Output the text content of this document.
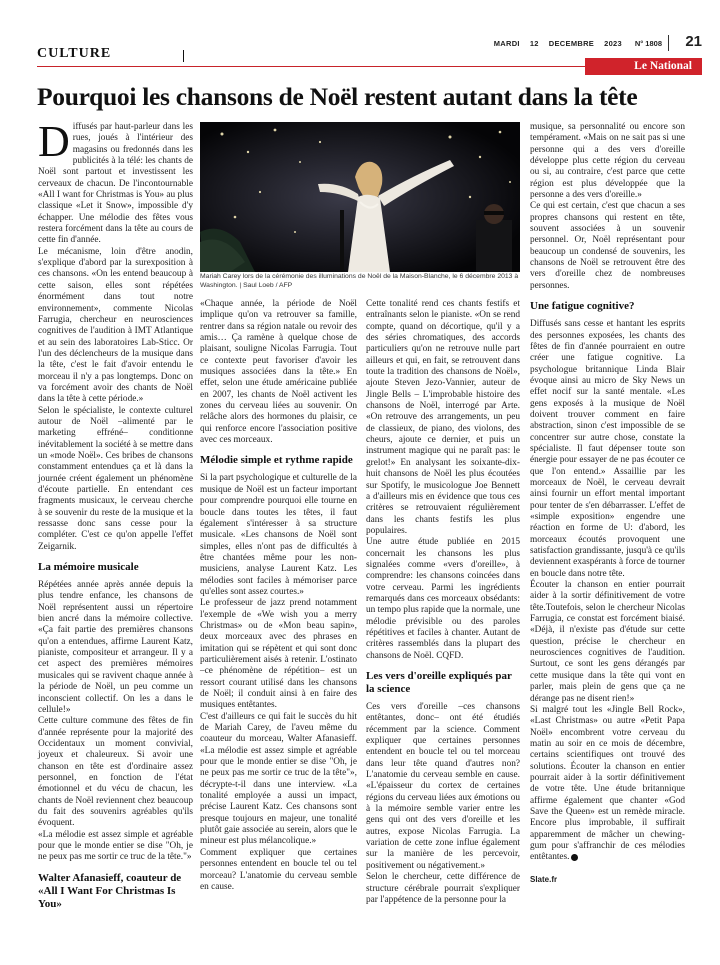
CULTURE
MARDI 12 DECEMBRE 2023 N° 1808 21
Le National
Pourquoi les chansons de Noël restent autant dans la tête
D iffusés par haut-parleur dans les rues, joués à l'intérieur des magasins ou fredonnés dans les publicités à la télé: les chants de Noël sont partout et investissent les cerveaux de chacun. De l'incontournable «All I want for Christmas is You» au plus classique «Let it Snow», impossible d'y échapper. Une mélodie des fêtes vous restera forcément dans la tête au cours de cette fin d'année.

Le mécanisme, loin d'être anodin, s'explique d'abord par la surexposition à ces chansons. «On les entend beaucoup à cette saison, elles sont répétées énormément dans tout notre environnement», commente Nicolas Farrugia, chercheur en neurosciences cognitives de l'audition à IMT Atlantique et au sein des laboratoires Lab-Sticc. Or l'un des déclencheurs de la musique dans la tête, c'est le fait d'avoir entendu le morceau il n'y a pas longtemps. Donc on va forcément avoir des chants de Noël dans la tête à cette période.»

Selon le spécialiste, le contexte culturel autour de Noël –alimenté par le marketing effréné– conditionne inévitablement la société à se mettre dans un «mode Noël». Ces bribes de chansons constamment entendues ça et là dans la journée créent également un phénomène d'écoute partielle. En entendant ces fragments musicaux, le cerveau cherche à se souvenir du reste de la musique et la ressasse donc sans cesse pour la compléter. C'est ce qu'on appelle l'effet Zeigarnik.

La mémoire musicale

Répétées année après année depuis la plus tendre enfance, les chansons de Noël représentent aussi un répertoire bien ancré dans la mémoire collective. «Ça fait partie des premières chansons qu'on a entendues, affirme Laurent Katz, pianiste, compositeur et arrangeur. Il y a cet aspect des premières mémoires musicales qui se ravivent chaque année à la période de Noël, un peu comme un inconscient collectif. On les a dans le cellule!»

Cette culture commune des fêtes de fin d'année représente pour la majorité des Occidentaux un moment convivial, joyeux et chaleureux. Si avoir une chanson en tête est d'ordinaire assez personnel, en fonction de l'état émotionnel et du vécu de chacun, les chants de Noël reviennent chez beaucoup du fait des souvenirs agréables qu'ils évoquent.

«La mélodie est assez simple et agréable pour que le monde entier se dise "Oh, je ne peux pas me sortir ce truc de la tête."»

Walter Afanasieff, coauteur de «All I Want For Christmas Is You»
Mariah Carey lors de la cérémonie des illuminations de Noël de la Maison-Blanche, le 6 décembre 2013 à Washington. | Saul Loeb / AFP

«Chaque année, la période de Noël implique qu'on va retrouver sa famille, rentrer dans sa région natale ou revoir des amis… Ça ramène à quelque chose de plaisant, souligne Nicolas Farrugia. Tout ce contexte peut favoriser d'avoir les musiques associées dans la tête.» En effet, selon une étude américaine publiée en 2007, les chants de Noël activent les zones du cerveau liées au souvenir. On relâche alors des hormones du plaisir, ce qui renforce encore l'association positive avec ces morceaux.

Mélodie simple et rythme rapide

Si la part psychologique et culturelle de la musique de Noël est un facteur important pour comprendre pourquoi elle tourne en boucle dans toutes les têtes, il faut également s'intéresser à sa structure musicale. «Les chansons de Noël sont simples, elles n'ont pas de difficultés à être chantées même pour les non-musiciens, analyse Laurent Katz. Les mélodies sont faciles à mémoriser parce qu'elles sont assez courtes.»

Le professeur de jazz prend notamment l'exemple de «We wish you a merry Christmas» ou de «Mon beau sapin», deux morceaux avec des phrases en imitation qui se répètent et qui sont donc particulièrement aisés à retenir. L'ostinato –ce phénomène de répétition– est un ressort courant utilisé dans les chansons de Noël; il conduit ainsi à en faire des musiques entêtantes.

C'est d'ailleurs ce qui fait le succès du hit de Mariah Carey, de l'aveu même du coauteur du morceau, Walter Afanasieff. «La mélodie est assez simple et agréable pour que le monde entier se dise "Oh, je ne peux pas me sortir ce truc de la tête"», décrypte-t-il dans une interview. «La tonalité employée a aussi un impact, précise Laurent Katz. Ces chansons sont presque toujours en majeur, une tonalité plutôt gaie associée au serein, alors que le mineur est plus mélancolique.»

Comment expliquer que certaines personnes entendent en boucle tel ou tel morceau? L'anatomie du cerveau semble en cause.

Cette tonalité rend ces chants festifs et entraînants selon le pianiste. «On se rend compte, quand on décortique, qu'il y a des séries chromatiques, des accords particuliers qu'on ne retrouve nulle part ailleurs et qui, en fait, se retrouvent dans toute la tradition des chansons de Noël», ajoute Steven Jezo-Vannier, auteur de Jingle Bells – L'improbable histoire des chansons de Noël, interrogé par Arte. «On retrouve des arrangements, un peu de classieux, de piano, des violons, des cheurs, ajoute ce dernier, et puis un instrument magique qui ne paraît pas: le grelot!» En analysant les soixante-dix-huit chansons de Noël les plus écoutées sur Spotify, le musicologue Joe Bennett a d'ailleurs mis en évidence que tous ces critères se retrouvaient régulièrement dans les chants festifs les plus populaires.

Une autre étude publiée en 2015 concernait les chansons les plus signalées comme «vers d'oreille», à comprendre: les chansons coincées dans votre cerveau. Parmi les ingrédients remarqués dans ces morceaux obsédants: un tempo plus rapide que la normale, une mélodie prévisible ou des paroles répétitives et faciles à chanter. Autant de critères rassemblés dans la plupart des chansons de Noël. CQFD.

Les vers d'oreille expliqués par la science

Ces vers d'oreille –ces chansons entêtantes, donc– ont été étudiés récemment par la science. Comment expliquer que certaines personnes entendent en boucle tel ou tel morceau dans leur tête quand d'autres non? L'anatomie du cerveau semble en cause. «L'épaisseur du cortex de certaines régions du cerveau liées aux émotions ou à la mémoire semble varier entre les gens qui ont des vers d'oreille et les autres, expose Nicolas Farrugia. La variation de cette zone influe également sur la manière de les percevoir, positivement ou négativement.»

Selon le chercheur, cette différence de structure cérébrale pourrait s'expliquer par l'appétence de la personne pour la

musique, sa personnalité ou encore son tempérament. «Mais on ne sait pas si une personne qui a des vers d'oreille développe plus cette région du cerveau ou si, au contraire, c'est parce que cette région est plus développée que la personne a des vers d'oreille.»

Ce qui est certain, c'est que chacun a ses propres chansons qui restent en tête, souvent associées à un souvenir personnel. Or, Noël représentant pour beaucoup un condensé de souvenirs, les chansons de Noël se retrouvent être des vers d'oreille chez de nombreuses personnes.

Une fatigue cognitive?

Diffusés sans cesse et hantant les esprits des personnes exposées, les chants des fêtes de fin d'année pourraient en outre créer une fatigue cognitive. La psychologue britannique Linda Blair évoque ainsi au micro de Sky News un effet nocif sur la santé mentale. «Les gens exposés à la musique de Noël doivent trouver comment en faire abstraction, sinon c'est impossible de se concentrer sur autre chose, constate la spécialiste. Il faut dépenser toute son énergie pour essayer de ne pas écouter ce que l'on entend.» Assaillie par les morceaux de Noël, le cerveau devrait ainsi fournir un effort mental important pour tenter de s'en débarrasser. L'effet de «simple exposition» engendre une réaction en forme de U: d'abord, les morceaux écoutés provoquent une satisfaction grandissante, jusqu'à ce qu'ils deviennent exaspérants à force de tourner en boucle dans notre tête.

Écouter la chanson en entier pourrait aider à la sortir définitivement de votre tête.Toutefois, selon le chercheur Nicolas Farrugia, ce constat est forcément biaisé. «Déjà, il n'existe pas d'étude sur cette question, précise le chercheur en neurosciences cognitives de l'audition. Surtout, ce sont les gens dérangés par cette musique dans la tête qui vont en parler, mais plein de gens que ça ne dérange pas ne disent rien!»

Si malgré tout les «Jingle Bell Rock», «Last Christmas» ou autre «Petit Papa Noël» encombrent votre cerveau du matin au soir en ce mois de décembre, certains scientifiques ont trouvé des solutions. Écouter la chanson en entier pourrait aider à la sortir définitivement de votre tête. Une étude britannique affirme également que chanter «God Save the Queen» est un remède miracle. Encore plus improbable, il suffirait apparemment de mâcher un chewing-gum pour s'affranchir de ces mélodies entêtantes.

Slate.fr
